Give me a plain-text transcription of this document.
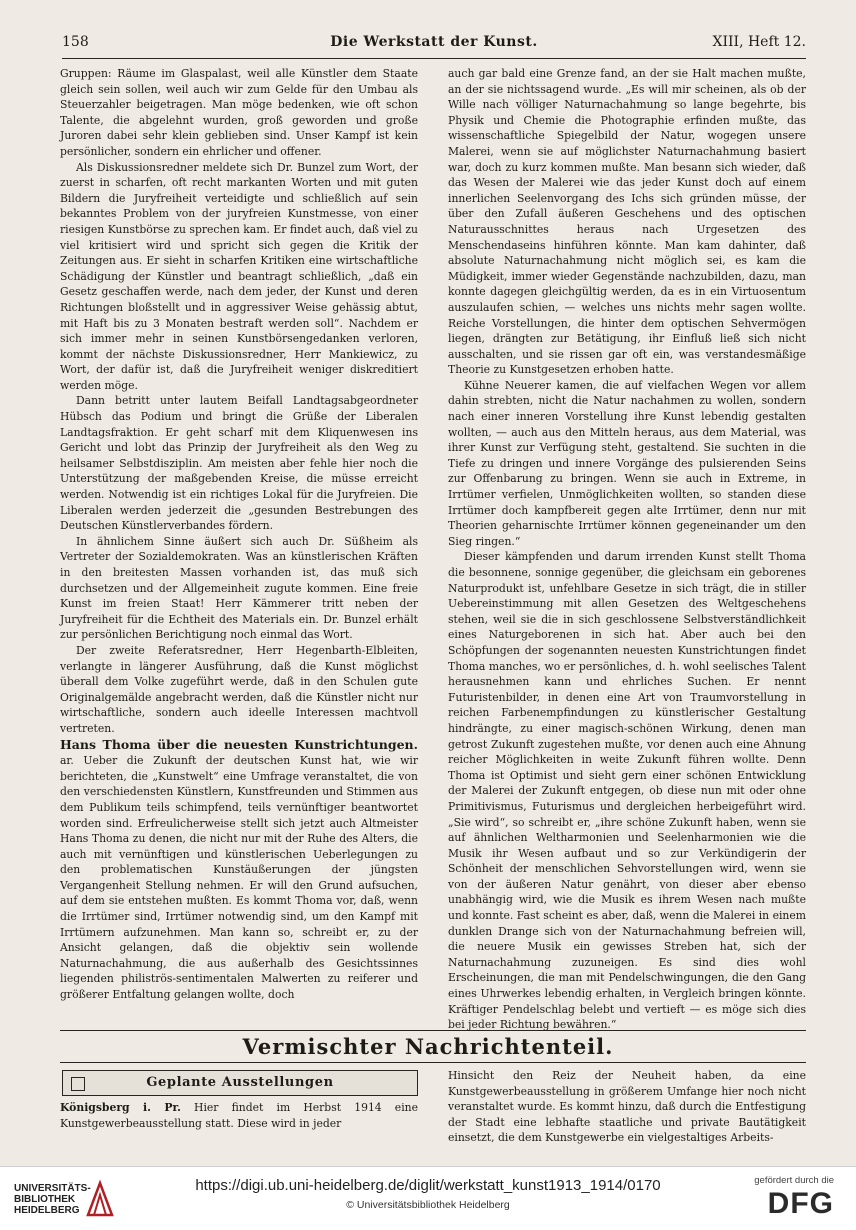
158	Die Werkstatt der Kunst.	XIII, Heft 12.

Gruppen: Räume im Glaspalast, weil alle Künstler dem Staate gleich sein sollen, weil auch wir zum Gelde für den Umbau als Steuerzahler beigetragen. Man möge bedenken, wie oft schon Talente, die abgelehnt wurden, groß geworden und große Juroren dabei sehr klein geblieben sind. Unser Kampf ist kein persönlicher, sondern ein ehrlicher und offener.

Als Diskussionsredner meldete sich Dr. Bunzel zum Wort, der zuerst in scharfen, oft recht markanten Worten und mit guten Bildern die Juryfreiheit verteidigte und schließlich auf sein bekanntes Problem von der juryfreien Kunstmesse, von einer riesigen Kunstbörse zu sprechen kam. Er findet auch, daß viel zu viel kritisiert wird und spricht sich gegen die Kritik der Zeitungen aus. Er sieht in scharfen Kritiken eine wirtschaftliche Schädigung der Künstler und beantragt schließlich, „daß ein Gesetz geschaffen werde, nach dem jeder, der Kunst und deren Richtungen bloßstellt und in aggressiver Weise gehässig abtut, mit Haft bis zu 3 Monaten bestraft werden soll“. Nachdem er sich immer mehr in seinen Kunstbörsengedanken verloren, kommt der nächste Diskussionsredner, Herr Mankiewicz, zu Wort, der dafür ist, daß die Juryfreiheit weniger diskreditiert werden möge.

Dann betritt unter lautem Beifall Landtagsabgeordneter Hübsch das Podium und bringt die Grüße der Liberalen Landtagsfraktion. Er geht scharf mit dem Kliquenwesen ins Gericht und lobt das Prinzip der Juryfreiheit als den Weg zu heilsamer Selbstdisziplin. Am meisten aber fehle hier noch die Unterstützung der maßgebenden Kreise, die müsse erreicht werden. Notwendig ist ein richtiges Lokal für die Juryfreien. Die Liberalen werden jederzeit die „gesunden Bestrebungen des Deutschen Künstlerverbandes fördern.

In ähnlichem Sinne äußert sich auch Dr. Süßheim als Vertreter der Sozialdemokraten. Was an künstlerischen Kräften in den breitesten Massen vorhanden ist, das muß sich durchsetzen und der Allgemeinheit zugute kommen. Eine freie Kunst im freien Staat! Herr Kämmerer tritt neben der Juryfreiheit für die Echtheit des Materials ein. Dr. Bunzel erhält zur persönlichen Berichtigung noch einmal das Wort.

Der zweite Referatsredner, Herr Hegenbarth-Elbleiten, verlangte in längerer Ausführung, daß die Kunst möglichst überall dem Volke zugeführt werde, daß in den Schulen gute Originalgemälde angebracht werden, daß die Künstler nicht nur wirtschaftliche, sondern auch ideelle Interessen machtvoll vertreten.

Hans Thoma über die neuesten Kunstrichtungen. ar. Ueber die Zukunft der deutschen Kunst hat, wie wir berichteten, die „Kunstwelt“ eine Umfrage veranstaltet, die von den verschiedensten Künstlern, Kunstfreunden und Stimmen aus dem Publikum teils schimpfend, teils vernünftiger beantwortet worden sind. Erfreulicherweise stellt sich jetzt auch Altmeister Hans Thoma zu denen, die nicht nur mit der Ruhe des Alters, die auch mit vernünftigen und künstlerischen Ueberlegungen zu den problematischen Kunstäußerungen der jüngsten Vergangenheit Stellung nehmen. Er will den Grund aufsuchen, auf dem sie entstehen mußten. Es kommt Thoma vor, daß, wenn die Irrtümer sind, Irrtümer notwendig sind, um den Kampf mit Irrtümern aufzunehmen. Man kann so, schreibt er, zu der Ansicht gelangen, daß die objektiv sein wollende Naturnachahmung, die aus außerhalb des Gesichtssinnes liegenden philiströs-sentimentalen Malwerten zu reiferer und größerer Entfaltung gelangen wollte, doch

auch gar bald eine Grenze fand, an der sie Halt machen mußte, an der sie nichtssagend wurde. „Es will mir scheinen, als ob der Wille nach völliger Naturnachahmung so lange begehrte, bis Physik und Chemie die Photographie erfinden mußte, das wissenschaftliche Spiegelbild der Natur, wogegen unsere Malerei, wenn sie auf möglichster Naturnachahmung basiert war, doch zu kurz kommen mußte. Man besann sich wieder, daß das Wesen der Malerei wie das jeder Kunst doch auf einem innerlichen Seelenvorgang des Ichs sich gründen müsse, der über den Zufall äußeren Geschehens und des optischen Naturausschnittes heraus nach Urgesetzen des Menschendaseins hinführen könnte. Man kam dahinter, daß absolute Naturnachahmung nicht möglich sei, es kam die Müdigkeit, immer wieder Gegenstände nachzubilden, dazu, man konnte dagegen gleichgültig werden, da es in ein Virtuosentum auszulaufen schien, — welches uns nichts mehr sagen wollte. Reiche Vorstellungen, die hinter dem optischen Sehvermögen liegen, drängten zur Betätigung, ihr Einfluß ließ sich nicht ausschalten, und sie rissen gar oft ein, was verstandesmäßige Theorie zu Kunstgesetzen erhoben hatte.

Kühne Neuerer kamen, die auf vielfachen Wegen vor allem dahin strebten, nicht die Natur nachahmen zu wollen, sondern nach einer inneren Vorstellung ihre Kunst lebendig gestalten wollten, — auch aus den Mitteln heraus, aus dem Material, was ihrer Kunst zur Verfügung steht, gestaltend. Sie suchten in die Tiefe zu dringen und innere Vorgänge des pulsierenden Seins zur Offenbarung zu bringen. Wenn sie auch in Extreme, in Irrtümer verfielen, Unmöglichkeiten wollten, so standen diese Irrtümer doch kampfbereit gegen alte Irrtümer, denn nur mit Theorien geharnischte Irrtümer können gegeneinander um den Sieg ringen.“

Dieser kämpfenden und darum irrenden Kunst stellt Thoma die besonnene, sonnige gegenüber, die gleichsam ein geborenes Naturprodukt ist, unfehlbare Gesetze in sich trägt, die in stiller Uebereinstimmung mit allen Gesetzen des Weltgeschehens stehen, weil sie die in sich geschlossene Selbstverständlichkeit eines Naturgeborenen in sich hat. Aber auch bei den Schöpfungen der sogenannten neuesten Kunstrichtungen findet Thoma manches, wo er persönliches, d. h. wohl seelisches Talent herausnehmen kann und ehrliches Suchen. Er nennt Futuristenbilder, in denen eine Art von Traumvorstellung in reichen Farbenempfindungen zu künstlerischer Gestaltung hindrängte, zu einer magisch-schönen Wirkung, denen man getrost Zukunft zugestehen mußte, vor denen auch eine Ahnung reicher Möglichkeiten in weite Zukunft führen wollte. Denn Thoma ist Optimist und sieht gern einer schönen Entwicklung der Malerei der Zukunft entgegen, ob diese nun mit oder ohne Primitivismus, Futurismus und dergleichen herbeigeführt wird. „Sie wird“, so schreibt er, „ihre schöne Zukunft haben, wenn sie auf ähnlichen Weltharmonien und Seelenharmonien wie die Musik ihr Wesen aufbaut und so zur Verkündigerin der Schönheit der menschlichen Sehvorstellungen wird, wenn sie von der äußeren Natur genährt, von dieser aber ebenso unabhängig wird, wie die Musik es ihrem Wesen nach mußte und konnte. Fast scheint es aber, daß, wenn die Malerei in einem dunklen Drange sich von der Naturnachahmung befreien will, die neuere Musik ein gewisses Streben hat, sich der Naturnachahmung zuzuneigen. Es sind dies wohl Erscheinungen, die man mit Pendelschwingungen, die den Gang eines Uhrwerkes lebendig erhalten, in Vergleich bringen könnte. Kräftiger Pendelschlag belebt und vertieft — es möge sich dies bei jeder Richtung bewähren.“

Vermischter Nachrichtenteil.
Geplante Ausstellungen

Königsberg i. Pr. Hier findet im Herbst 1914 eine Kunstgewerbeausstellung statt. Diese wird in jeder

Hinsicht den Reiz der Neuheit haben, da eine Kunstgewerbeausstellung in größerem Umfange hier noch nicht veranstaltet wurde. Es kommt hinzu, daß durch die Entfestigung der Stadt eine lebhafte staatliche und private Bautätigkeit einsetzt, die dem Kunstgewerbe ein vielgestaltiges Arbeits-

UNIVERSITÄTS-BIBLIOTHEK HEIDELBERG
https://digi.ub.uni-heidelberg.de/diglit/werkstatt_kunst1913_1914/0170
© Universitätsbibliothek Heidelberg
gefördert durch die
DFG
